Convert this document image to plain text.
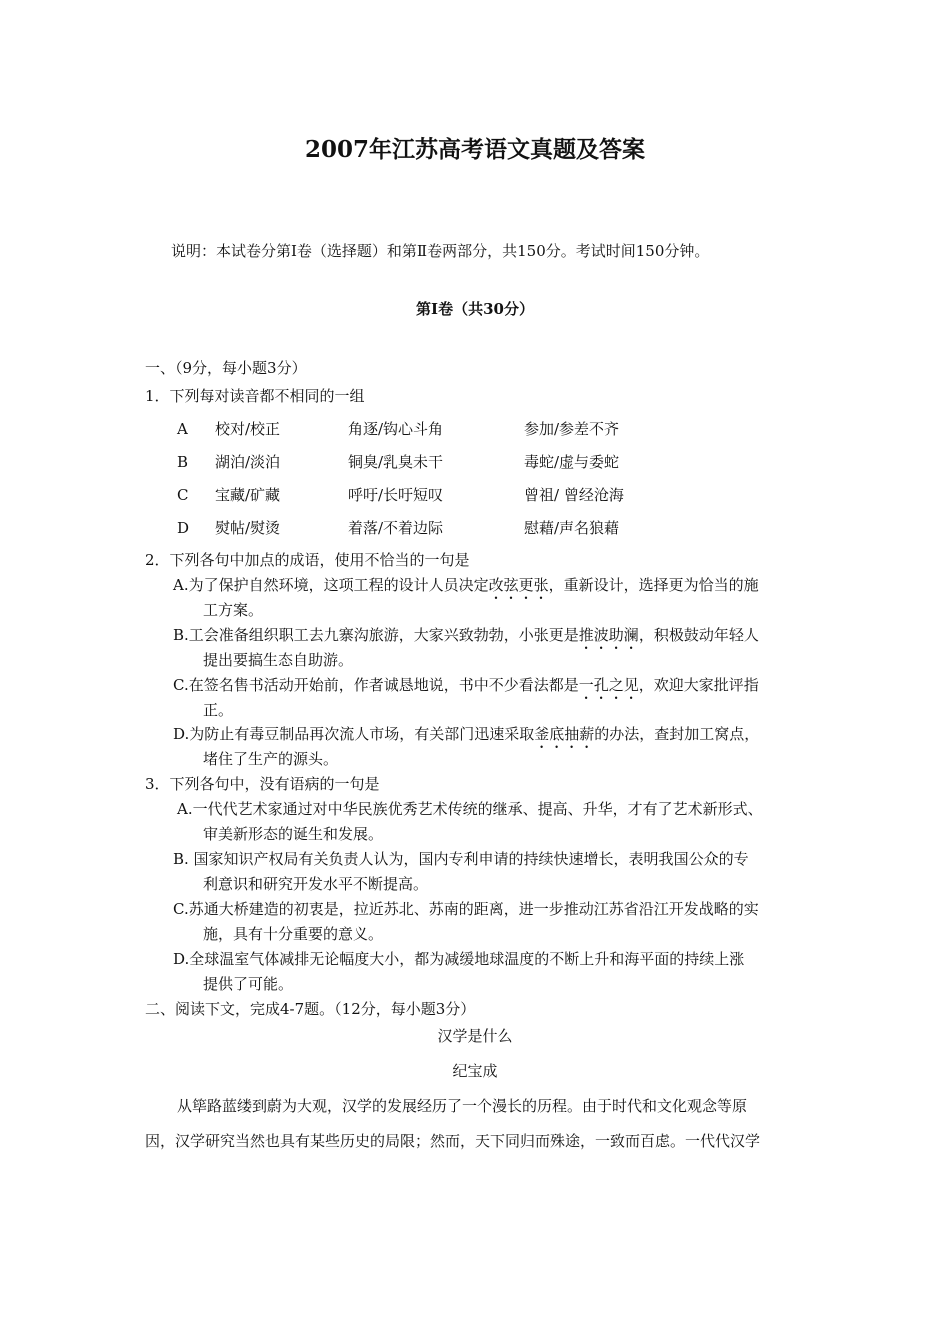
2007年江苏高考语文真题及答案
说明：本试卷分第Ⅰ卷（选择题）和第Ⅱ卷两部分，共150分。考试时间150分钟。
第Ⅰ卷（共30分）
一、（9分，每小题3分）
1．下列每对读音都不相同的一组
A 校对/校正	角逐/钩心斗角	参加/参差不齐
B 湖泊/淡泊	铜臭/乳臭未干	毒蛇/虚与委蛇
C 宝藏/矿藏	呼吁/长吁短叹	曾祖/ 曾经沧海
D 熨帖/熨烫	着落/不着边际	慰藉/声名狼藉
2．下列各句中加点的成语，使用不恰当的一句是
A.为了保护自然环境，这项工程的设计人员决定改弦更张，重新设计，选择更为恰当的施
工方案。
B.工会准备组织职工去九寨沟旅游，大家兴致勃勃，小张更是推波助澜，积极鼓动年轻人
提出要搞生态自助游。
C.在签名售书活动开始前，作者诚恳地说，书中不少看法都是一孔之见，欢迎大家批评指
正。
D.为防止有毒豆制品再次流人市场，有关部门迅速采取釜底抽薪的办法，查封加工窝点，
堵住了生产的源头。
3．下列各句中，没有语病的一句是
A.一代代艺术家通过对中华民族优秀艺术传统的继承、提高、升华，才有了艺术新形式、
审美新形态的诞生和发展。
B. 国家知识产权局有关负责人认为，国内专利申请的持续快速增长，表明我国公众的专
利意识和研究开发水平不断提高。
C.苏通大桥建造的初衷是，拉近苏北、苏南的距离，进一步推动江苏省沿江开发战略的实
施，具有十分重要的意义。
D.全球温室气体减排无论幅度大小，都为减缓地球温度的不断上升和海平面的持续上涨
提供了可能。
二、阅读下文，完成4-7题。（12分，每小题3分）
汉学是什么
纪宝成
从筚路蓝缕到蔚为大观，汉学的发展经历了一个漫长的历程。由于时代和文化观念等原
因，汉学研究当然也具有某些历史的局限；然而，天下同归而殊途，一致而百虑。一代代汉学
